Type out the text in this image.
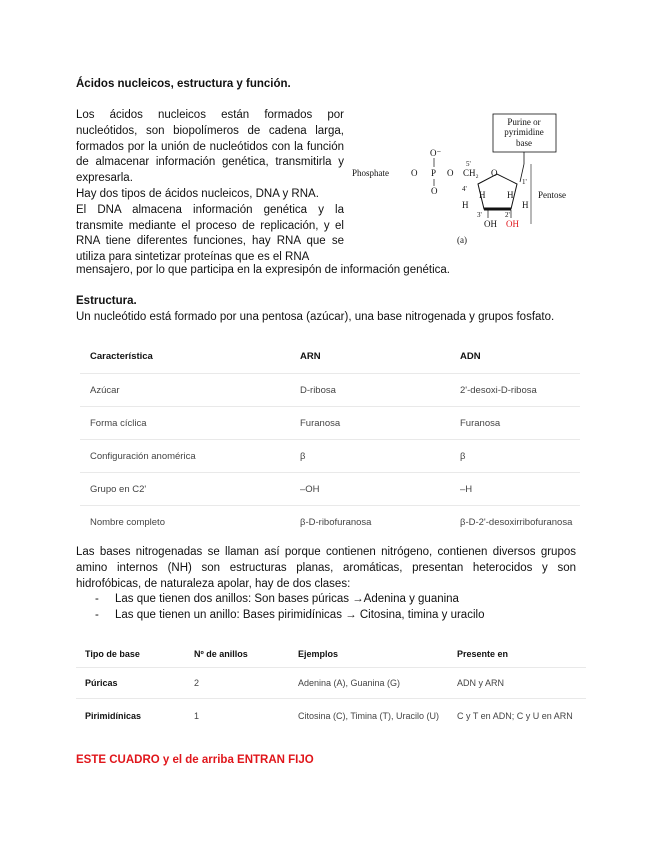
Ácidos nucleicos, estructura y función.

Los ácidos nucleicos están formados por nucleótidos, son biopolímeros de cadena larga, formados por la unión de nucleótidos con la función de almacenar información genética, transmitirla y expresarla.

Hay dos tipos de ácidos nucleicos, DNA y RNA.

El DNA almacena información genética y la transmite mediante el proceso de replicación, y el RNA tiene diferentes funciones, hay RNA que se utiliza para sintetizar proteínas que es el RNA

mensajero, por lo que participa en la expresipón de información genética.
Purine or
pyrimidine
base
Phosphate
O⁻
O P O
O
CH₂
5'
O
H H
H	H
4'
3'	2'
1'
OH OH
Pentose
(a)
Estructura.
Un nucleótido está formado por una pentosa (azúcar), una base nitrogenada y grupos fosfato.
Característica	ARN	ADN
Azúcar	D-ribosa	2'-desoxi-D-ribosa
Forma cíclica	Furanosa	Furanosa
Configuración anomérica	β	β
Grupo en C2'	–OH	–H
Nombre completo	β-D-ribofuranosa	β-D-2'-desoxirribofuranosa

Las bases nitrogenadas se llaman así porque contienen nitrógeno, contienen diversos grupos amino internos (NH) son estructuras planas, aromáticas, presentan heterocidos y son hidrofóbicas, de naturaleza apolar, hay de dos clases:

- Las que tienen dos anillos: Son bases púricas →Adenina y guanina
- Las que tienen un anillo: Bases pirimidínicas → Citosina, timina y uracilo
Tipo de base	Nº de anillos	Ejemplos	Presente en
Púricas	2	Adenina (A), Guanina (G)	ADN y ARN
Pirimidínicas	1	Citosina (C), Timina (T), Uracilo (U)	C y T en ADN; C y U en ARN
ESTE CUADRO y el de arriba ENTRAN FIJO
